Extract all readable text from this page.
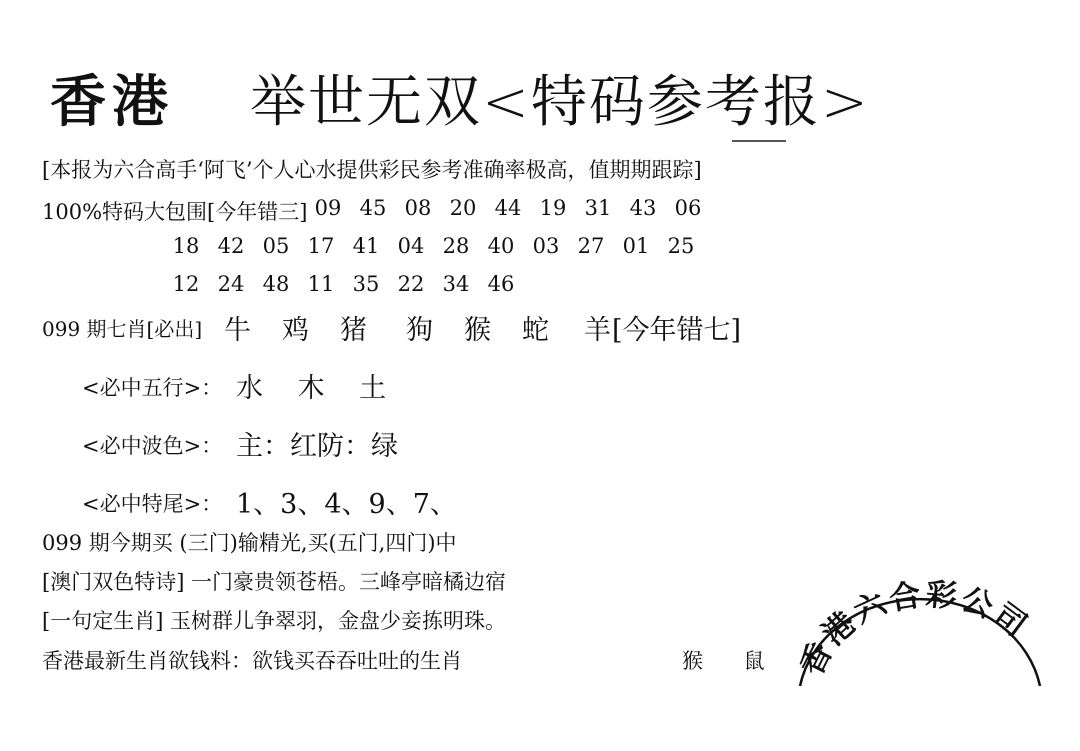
香港 举世无双<特码参考报>
[本报为六合高手‘阿飞’个人心水提供彩民参考准确率极高，值期期跟踪]
100%特码大包围[今年错三] 09 45 08 20 44 19 31 43 06
18 42 05 17 41 04 28 40 03 27 01 25
12 24 48 11 35 22 34 46
099 期七肖[必出] 牛 鸡 猪 狗 猴 蛇 羊 [今年错七]
<必中五行>： 水 木 土
<必中波色>： 主：红防：绿
<必中特尾>： 1、3、4、9、7、
099 期今期买 (三门)输精光,买(五门,四门)中
[澳门双色特诗] 一门豪贵领苍梧。三峰亭暗橘边宿
[一句定生肖] 玉树群儿争翠羽，金盘少妾拣明珠。
香港最新生肖欲钱料：欲钱买吞吞吐吐的生肖	猴 鼠 香港六合彩公司
